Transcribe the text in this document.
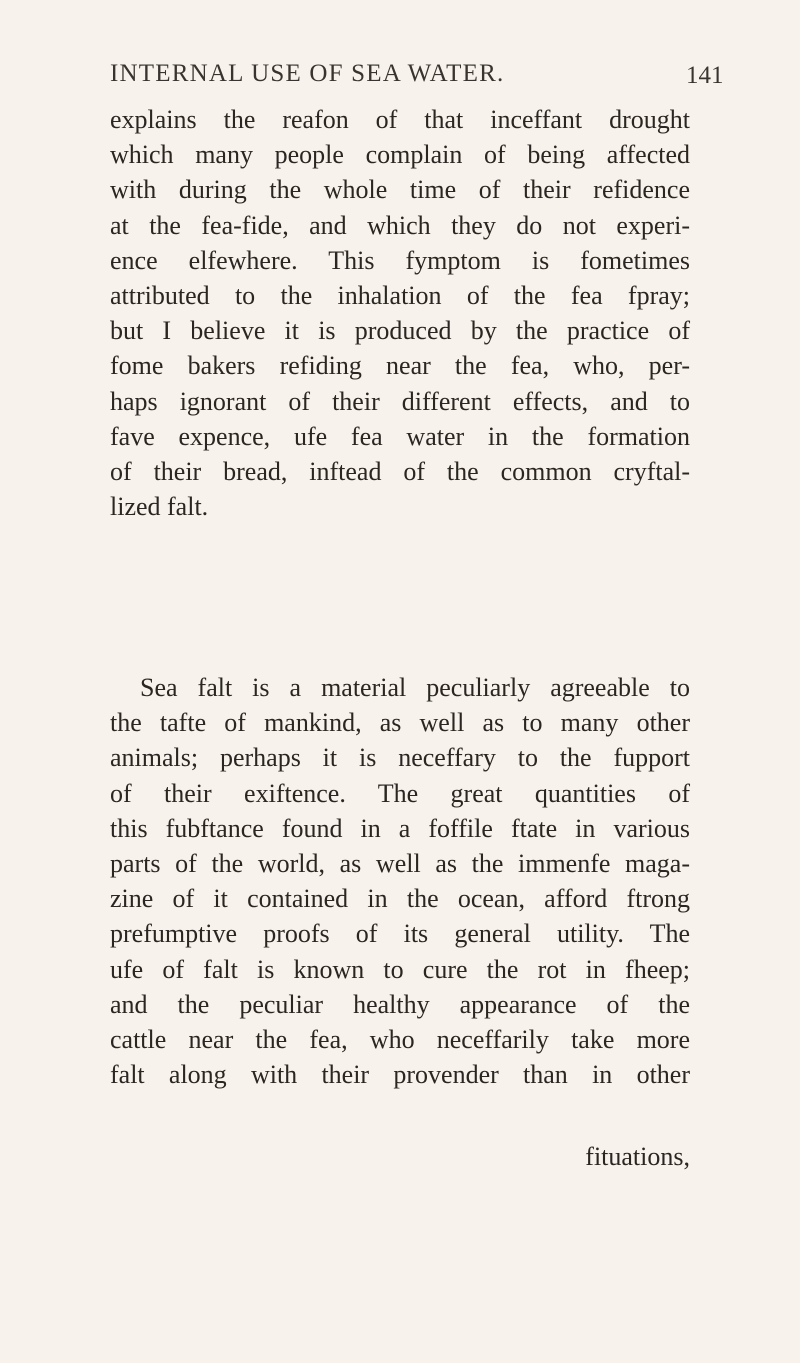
INTERNAL USE OF SEA WATER.	141
explains the reafon of that inceffant drought
which many people complain of being affected
with during the whole time of their refidence
at the fea-fide, and which they do not experi-
ence elfewhere. This fymptom is fometimes
attributed to the inhalation of the fea fpray;
but I believe it is produced by the practice of
fome bakers refiding near the fea, who, per-
haps ignorant of their different effects, and to
fave expence, ufe fea water in the formation
of their bread, inftead of the common cryftal-
lized falt.
Sea falt is a material peculiarly agreeable to
the tafte of mankind, as well as to many other
animals; perhaps it is neceffary to the fupport
of their exiftence. The great quantities of
this fubftance found in a foffile ftate in various
parts of the world, as well as the immenfe maga-
zine of it contained in the ocean, afford ftrong
prefumptive proofs of its general utility. The
ufe of falt is known to cure the rot in fheep;
and the peculiar healthy appearance of the
cattle near the fea, who neceffarily take more
falt along with their provender than in other
fituations,
